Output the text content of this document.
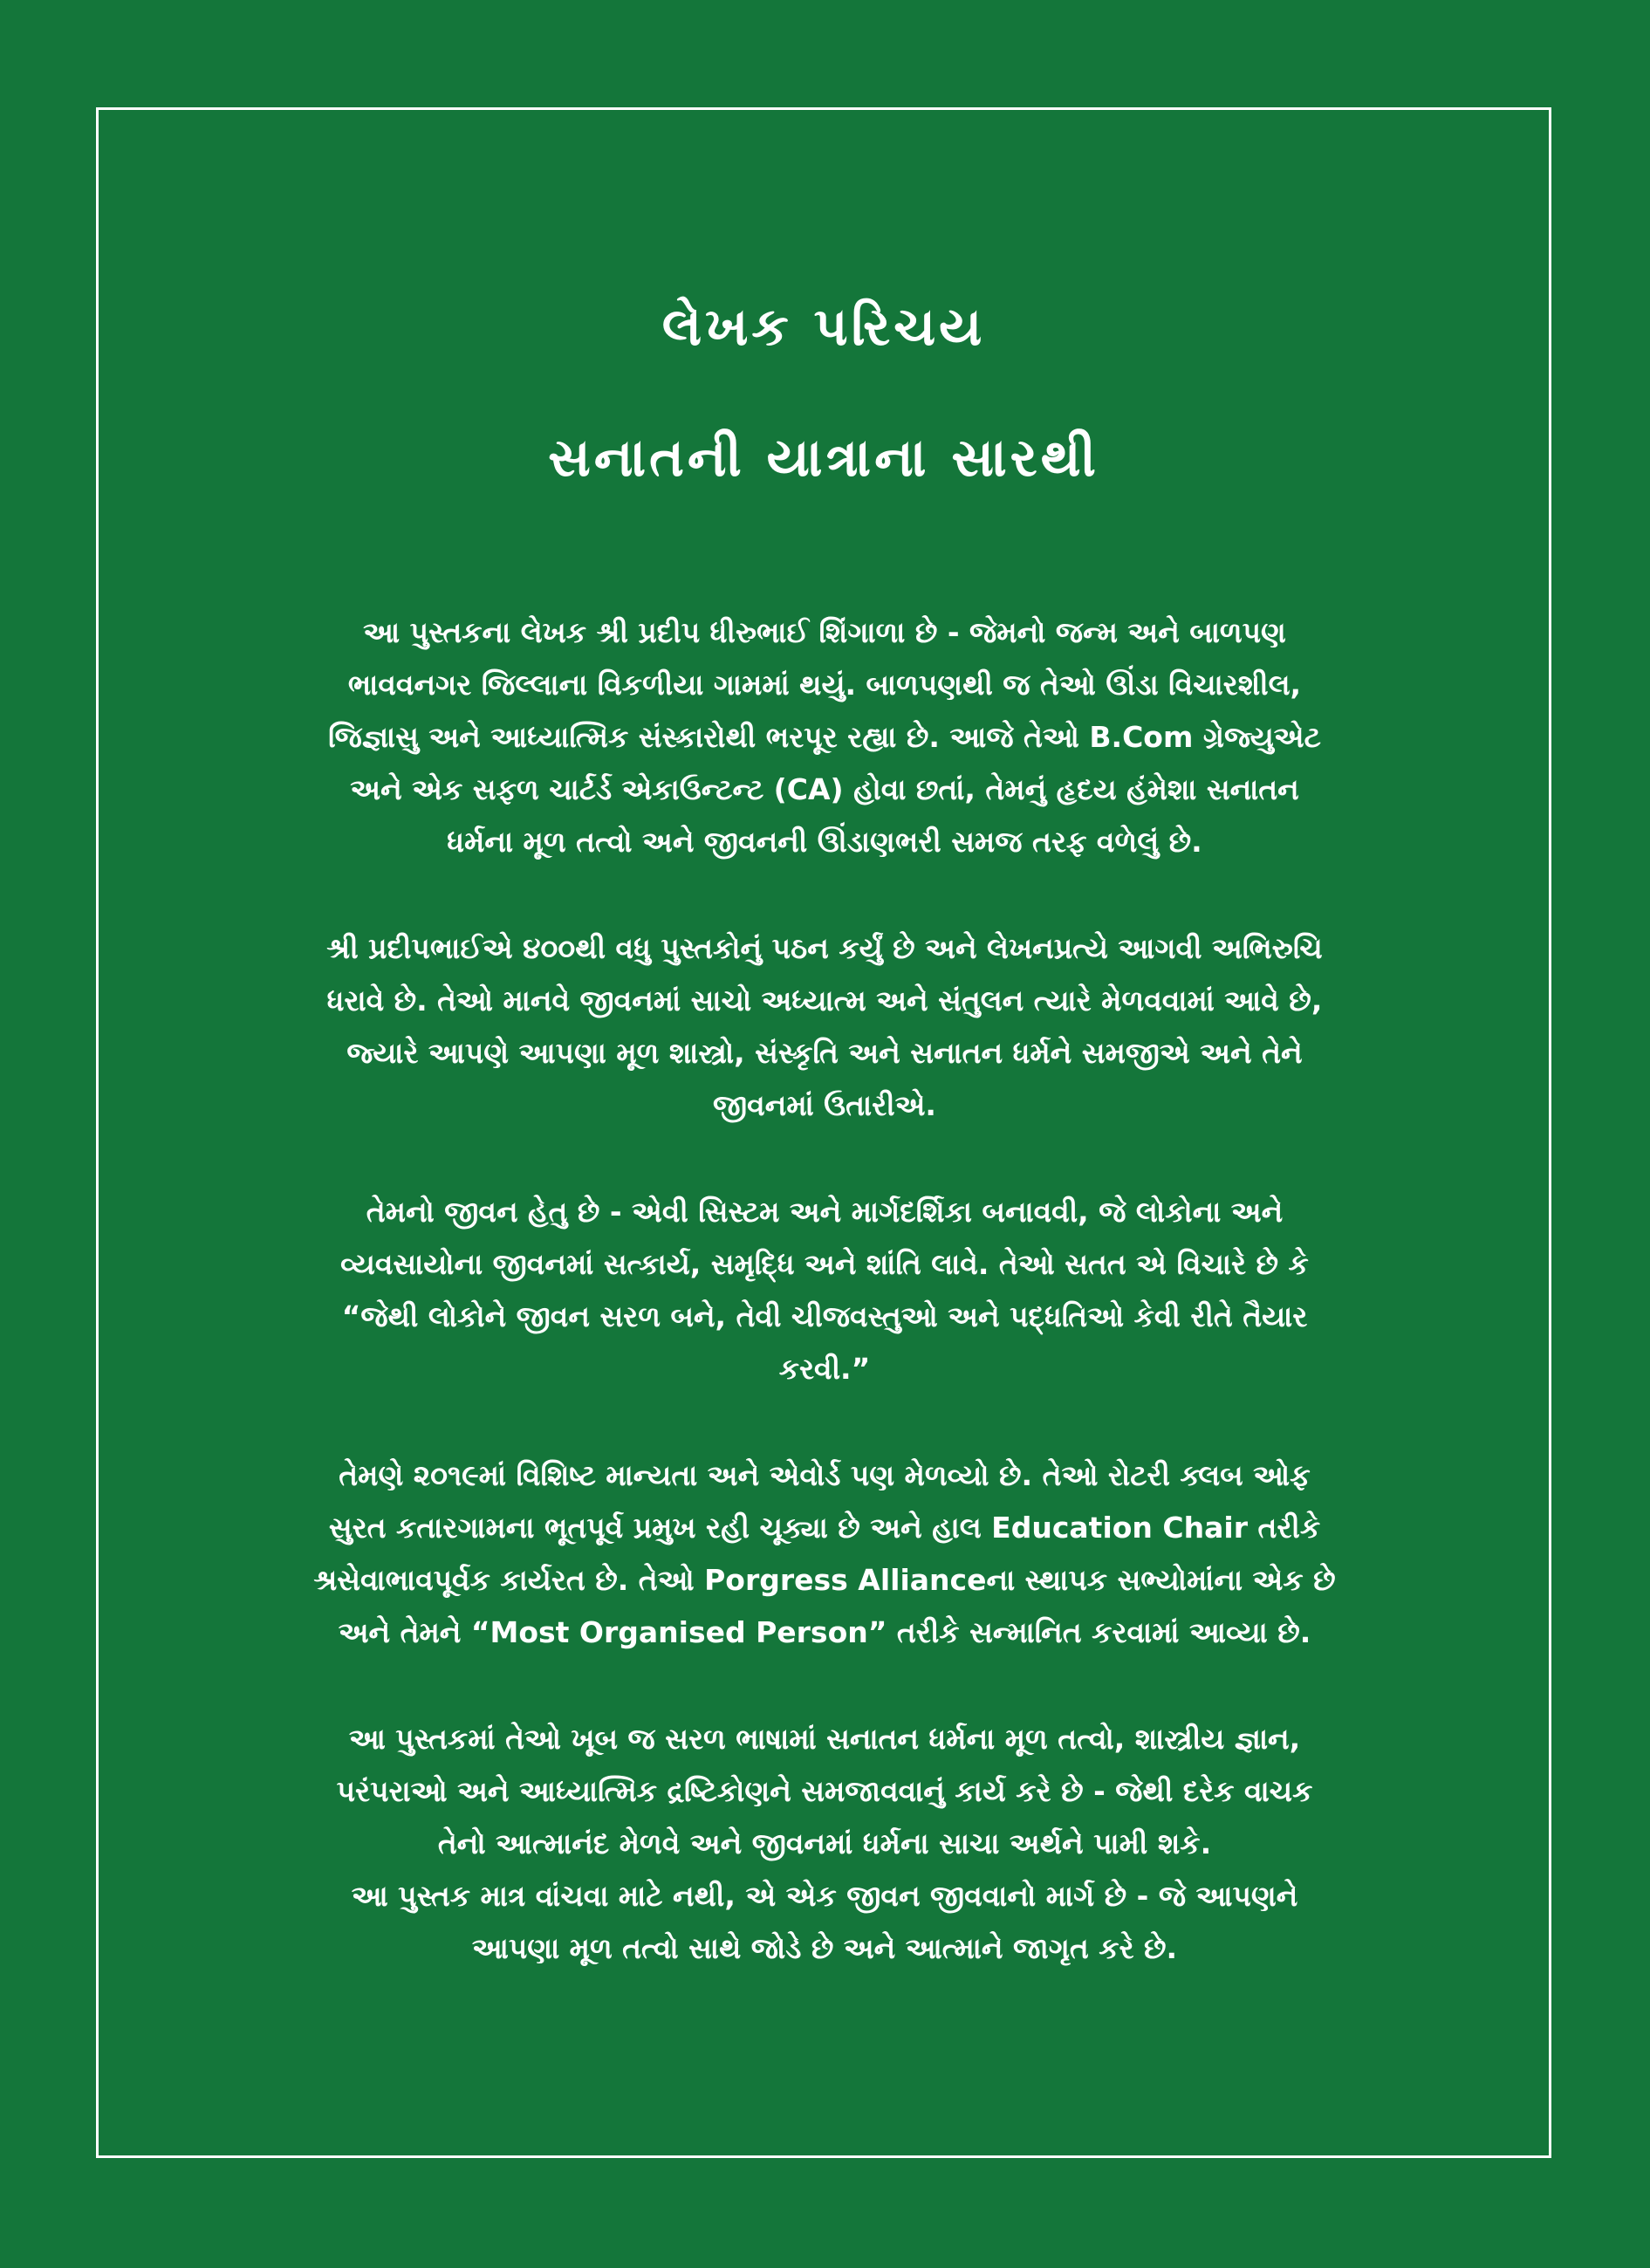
લેખક પરિચય
સનાતની યાત્રાના સારથી
આ પુસ્તકના લેખક શ્રી પ્રદીપ ધીરુભાઈ શિંગાળા છે - જેમનો જન્મ અને બાળપણ
ભાવવનગર જિલ્લાના વિકળીયા ગામમાં થયું. બાળપણથી જ તેઓ ઊંડા વિચારશીલ,
જિજ્ઞાસુ અને આધ્યાત્મિક સંસ્કારોથી ભરપૂર રહ્યા છે. આજે તેઓ B.Com ગ્રેજ્યુએટ
અને એક સફળ ચાર્ટર્ડ એકાઉન્ટન્ટ (CA) હોવા છતાં, તેમનું હૃદય હંમેશા સનાતન
ધર્મના મૂળ તત્વો અને જીવનની ઊંડાણભરી સમજ તરફ વળેલું છે.
શ્રી પ્રદીપભાઈએ ૪૦૦થી વધુ પુસ્તકોનું પઠન કર્યું છે અને લેખનપ્રત્યે આગવી અભિરુચિ
ધરાવે છે. તેઓ માનવે જીવનમાં સાચો અધ્યાત્મ અને સંતુલન ત્યારે મેળવવામાં આવે છે,
જ્યારે આપણે આપણા મૂળ શાસ્ત્રો, સંસ્કૃતિ અને સનાતન ધર્મને સમજીએ અને તેને
જીવનમાં ઉતારીએ.
તેમનો જીવન હેતુ છે - એવી સિસ્ટમ અને માર્ગદર્શિકા બનાવવી, જે લોકોના અને
વ્યવસાયોના જીવનમાં સત્કાર્ય, સમૃદ્ધિ અને શાંતિ લાવે. તેઓ સતત એ વિચારે છે કે
“જેથી લોકોને જીવન સરળ બને, તેવી ચીજવસ્તુઓ અને પદ્ધતિઓ કેવી રીતે તૈયાર
કરવી.”
તેમણે ૨૦૧૯માં વિશિષ્ટ માન્યતા અને એવોર્ડ પણ મેળવ્યો છે. તેઓ રોટરી ક્લબ ઓફ
સુરત કતારગામના ભૂતપૂર્વ પ્રમુખ રહી ચૂક્યા છે અને હાલ Education Chair તરીકે
શ્રસેવાભાવપૂર્વક કાર્યરત છે. તેઓ Porgress Allianceના સ્થાપક સભ્યોમાંના એક છે
અને તેમને “Most Organised Person” તરીકે સન્માનિત કરવામાં આવ્યા છે.
આ પુસ્તકમાં તેઓ ખૂબ જ સરળ ભાષામાં સનાતન ધર્મના મૂળ તત્વો, શાસ્ત્રીય જ્ઞાન,
પરંપરાઓ અને આધ્યાત્મિક દ્રષ્ટિકોણને સમજાવવાનું કાર્ય કરે છે - જેથી દરેક વાચક
તેનો આત્માનંદ મેળવે અને જીવનમાં ધર્મના સાચા અર્થને પામી શકે.
આ પુસ્તક માત્ર વાંચવા માટે નથી, એ એક જીવન જીવવાનો માર્ગ છે - જે આપણને
આપણા મૂળ તત્વો સાથે જોડે છે અને આત્માને જાગૃત કરે છે.
